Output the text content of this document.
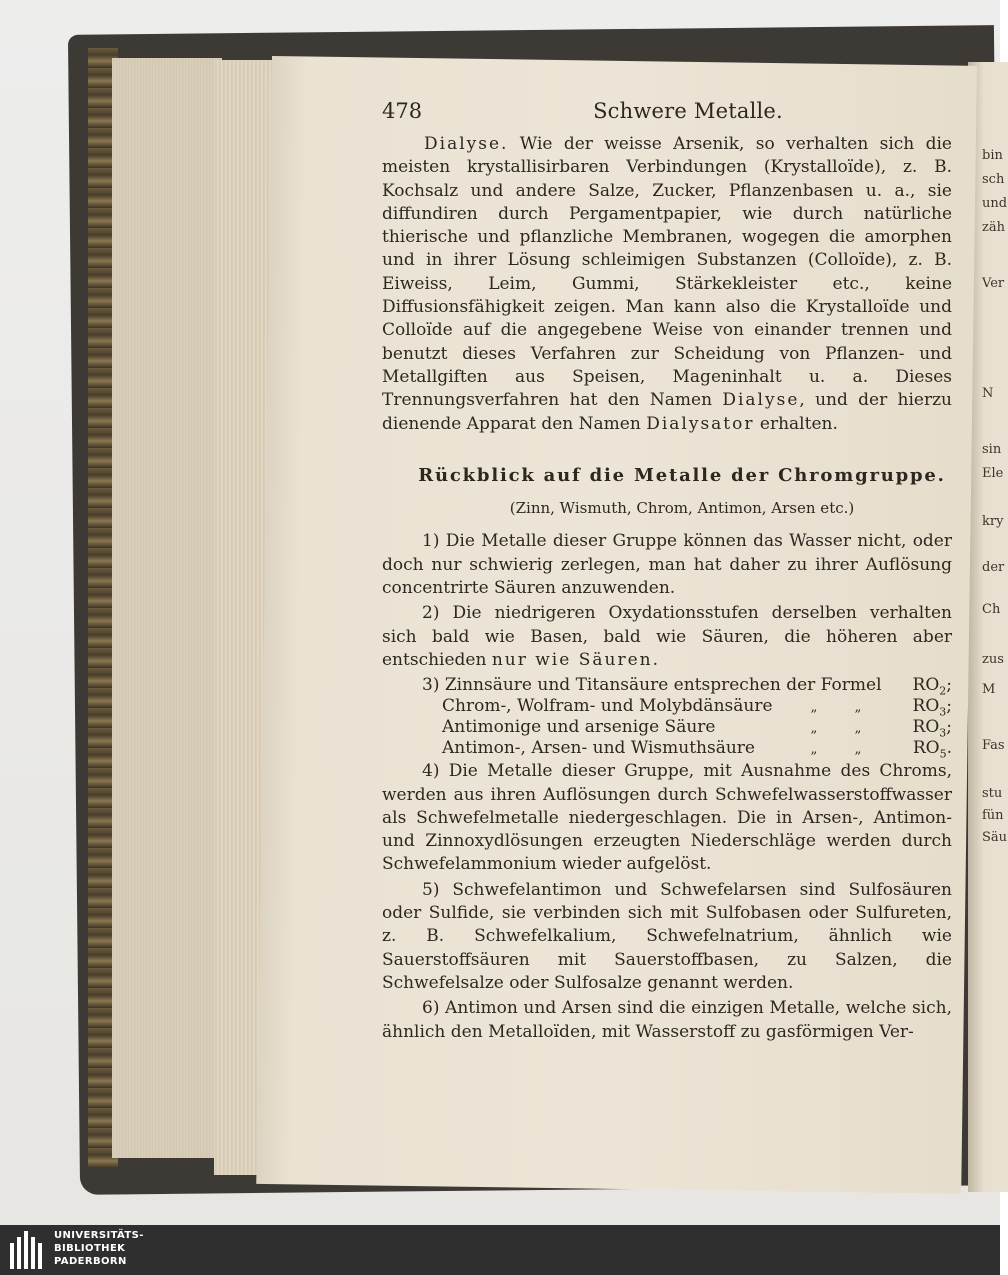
bin
sch
und
zäh
Ver
N
sin
Ele
kry
der
Ch
zus
M
Fas
stu
fün
Säu
478	Schwere Metalle.

Dialyse. Wie der weisse Arsenik, so verhalten sich die meisten krystallisirbaren Verbindungen (Krystalloïde), z. B. Kochsalz und andere Salze, Zucker, Pflanzenbasen u. a., sie diffundiren durch Pergamentpapier, wie durch natürliche thierische und pflanzliche Membranen, wogegen die amorphen und in ihrer Lösung schleimigen Substanzen (Colloïde), z. B. Eiweiss, Leim, Gummi, Stärkekleister etc., keine Diffusionsfähigkeit zeigen. Man kann also die Krystalloïde und Colloïde auf die angegebene Weise von einander trennen und benutzt dieses Verfahren zur Scheidung von Pflanzen- und Metallgiften aus Speisen, Mageninhalt u. a. Dieses Trennungsverfahren hat den Namen Dialyse, und der hierzu dienende Apparat den Namen Dialysator erhalten.

Rückblick auf die Metalle der Chromgruppe.

(Zinn, Wismuth, Chrom, Antimon, Arsen etc.)

1) Die Metalle dieser Gruppe können das Wasser nicht, oder doch nur schwierig zerlegen, man hat daher zu ihrer Auflösung concentrirte Säuren anzuwenden.

2) Die niedrigeren Oxydationsstufen derselben verhalten sich bald wie Basen, bald wie Säuren, die höheren aber entschieden nur wie Säuren.

3) Zinnsäure und Titansäure entsprechen der Formel	$RO_2$;
Chrom-, Wolfram- und Molybdänsäure	„	„	$RO_3$;
Antimonige und arsenige Säure	„	„	$RO_3$;
Antimon-, Arsen- und Wismuthsäure	„	„	$RO_5$.

4) Die Metalle dieser Gruppe, mit Ausnahme des Chroms, werden aus ihren Auflösungen durch Schwefelwasserstoffwasser als Schwefelmetalle niedergeschlagen. Die in Arsen-, Antimon- und Zinnoxydlösungen erzeugten Niederschläge werden durch Schwefelammonium wieder aufgelöst.

5) Schwefelantimon und Schwefelarsen sind Sulfosäuren oder Sulfide, sie verbinden sich mit Sulfobasen oder Sulfureten, z. B. Schwefelkalium, Schwefelnatrium, ähnlich wie Sauerstoffsäuren mit Sauerstoffbasen, zu Salzen, die Schwefelsalze oder Sulfosalze genannt werden.

6) Antimon und Arsen sind die einzigen Metalle, welche sich, ähnlich den Metalloïden, mit Wasserstoff zu gasförmigen Ver-

UNIVERSITÄTS-
BIBLIOTHEK
PADERBORN
